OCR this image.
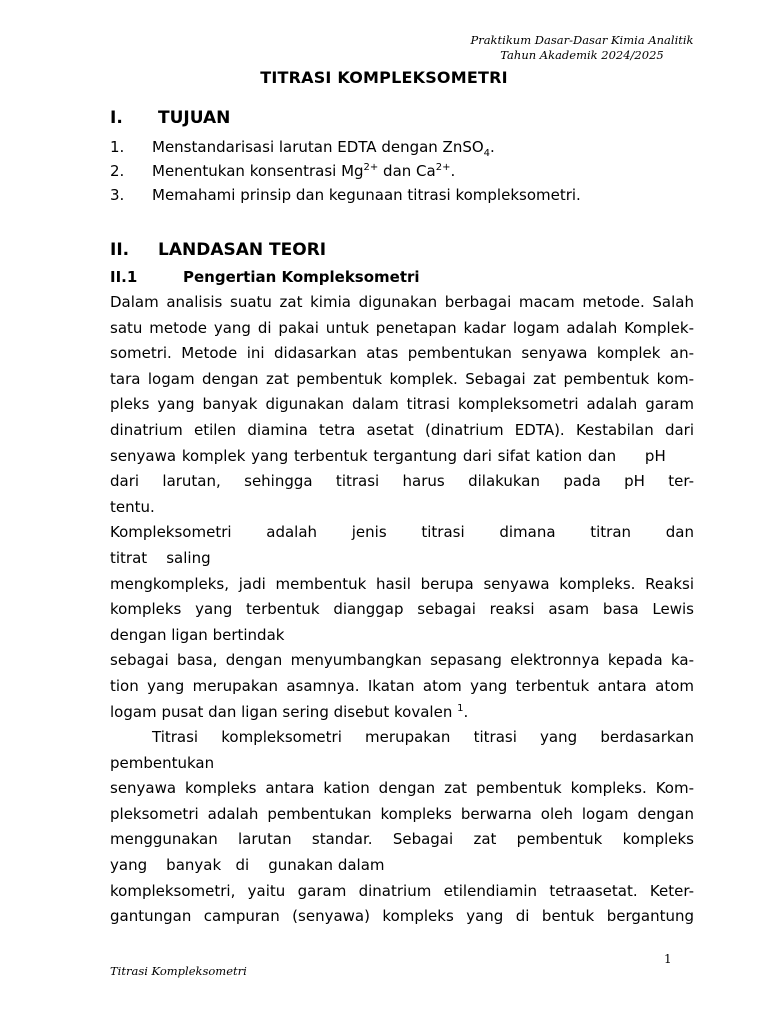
Praktikum Dasar-Dasar Kimia Analitik
Tahun Akademik 2024/2025
TITRASI KOMPLEKSOMETRI
I. TUJUAN
1. Menstandarisasi larutan EDTA dengan ZnSO$_4$.
2. Menentukan konsentrasi $Mg^{2+}$ dan $Ca^{2+}$.
3. Memahami prinsip dan kegunaan titrasi kompleksometri.
II. LANDASAN TEORI
II.1	Pengertian Kompleksometri
Dalam analisis suatu zat kimia digunakan berbagai macam metode. Salah
satu metode yang di pakai untuk penetapan kadar logam adalah Komplek-
sometri. Metode ini didasarkan atas pembentukan senyawa komplek an-
tara logam dengan zat pembentuk komplek. Sebagai zat pembentuk kom-
pleks yang banyak digunakan dalam titrasi kompleksometri adalah garam
dinatrium etilen diamina tetra asetat (dinatrium EDTA). Kestabilan dari
senyawa komplek yang terbentuk tergantung dari sifat kation dan     pH
dari larutan, sehingga titrasi harus dilakukan pada pH ter-
tentu.
Kompleksometri adalah jenis titrasi dimana titran dan
titrat    saling
mengkompleks, jadi membentuk hasil berupa senyawa kompleks. Reaksi
kompleks yang terbentuk dianggap sebagai reaksi asam basa Lewis
dengan ligan bertindak
sebagai basa, dengan menyumbangkan sepasang elektronnya kepada ka-
tion yang merupakan asamnya. Ikatan atom yang terbentuk antara atom
logam pusat dan ligan sering disebut kovalen $^1$.
Titrasi kompleksometri merupakan titrasi yang berdasarkan
pembentukan
senyawa kompleks antara kation dengan zat pembentuk kompleks. Kom-
pleksometri adalah pembentukan kompleks berwarna oleh logam dengan
menggunakan larutan standar. Sebagai zat pembentuk kompleks
yang    banyak   di    gunakan dalam
kompleksometri, yaitu garam dinatrium etilendiamin tetraasetat. Keter-
gantungan campuran (senyawa) kompleks yang di bentuk bergantung
1
Titrasi Kompleksometri
